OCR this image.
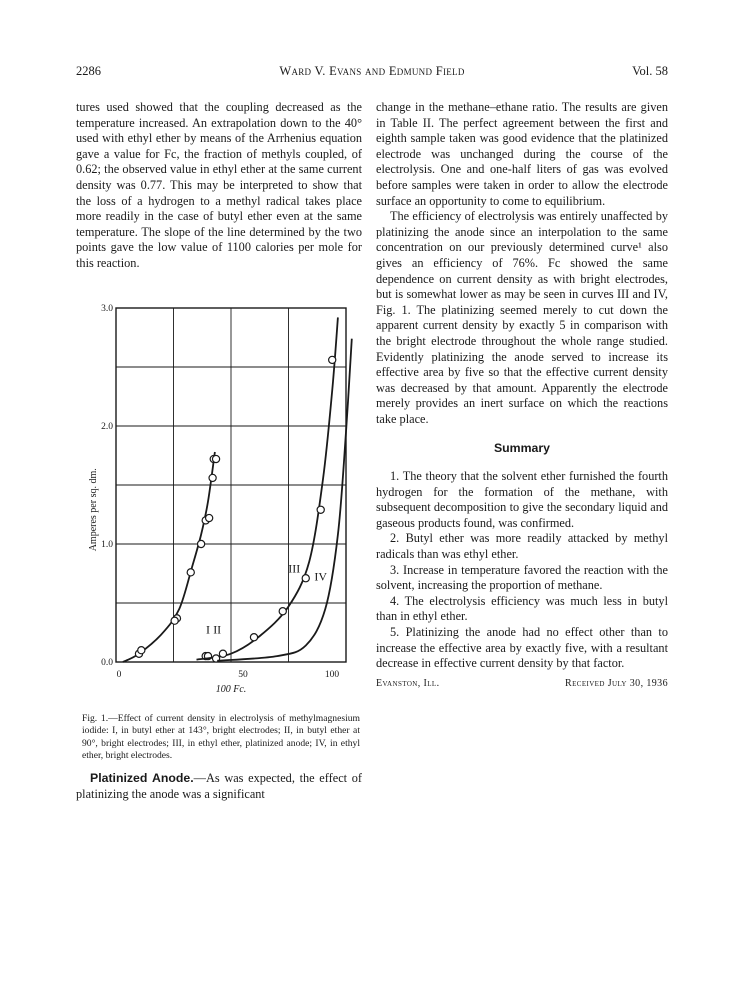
2286	Ward V. Evans and Edmund Field	Vol. 58

tures used showed that the coupling decreased as the temperature increased. An extrapolation down to the 40° used with ethyl ether by means of the Arrhenius equation gave a value for Fc, the fraction of methyls coupled, of 0.62; the observed value in ethyl ether at the same current density was 0.77. This may be interpreted to show that the loss of a hydrogen to a methyl radical takes place more readily in the case of butyl ether even at the same temperature. The slope of the line determined by the two points gave the low value of 1100 calories per mole for this reaction.

0.0
1.0
2.0
3.0
0	50	100
100 Fc.
Amperes per sq. dm.
I II
III
IV
Fig. 1.—Effect of current density in electrolysis of methylmagnesium iodide: I, in butyl ether at 143°, bright electrodes; II, in butyl ether at 90°, bright electrodes; III, in ethyl ether, platinized anode; IV, in ethyl ether, bright electrodes.

Platinized Anode.—As was expected, the effect of platinizing the anode was a significant

change in the methane–ethane ratio. The results are given in Table II. The perfect agreement between the first and eighth sample taken was good evidence that the platinized electrode was unchanged during the course of the electrolysis. One and one-half liters of gas was evolved before samples were taken in order to allow the electrode surface an opportunity to come to equilibrium.

The efficiency of electrolysis was entirely unaffected by platinizing the anode since an interpolation to the same concentration on our previously determined curve¹ also gives an efficiency of 76%. Fc showed the same dependence on current density as with bright electrodes, but is somewhat lower as may be seen in curves III and IV, Fig. 1. The platinizing seemed merely to cut down the apparent current density by exactly 5 in comparison with the bright electrode throughout the whole range studied. Evidently platinizing the anode served to increase its effective area by five so that the effective current density was decreased by that amount. Apparently the electrode merely provides an inert surface on which the reactions take place.

Summary

1. The theory that the solvent ether furnished the fourth hydrogen for the formation of the methane, with subsequent decomposition to give the secondary liquid and gaseous products found, was confirmed.

2. Butyl ether was more readily attacked by methyl radicals than was ethyl ether.

3. Increase in temperature favored the reaction with the solvent, increasing the proportion of methane.

4. The electrolysis efficiency was much less in butyl than in ethyl ether.

5. Platinizing the anode had no effect other than to increase the effective area by exactly five, with a resultant decrease in effective current density by that factor.

Evanston, Ill.	Received July 30, 1936
